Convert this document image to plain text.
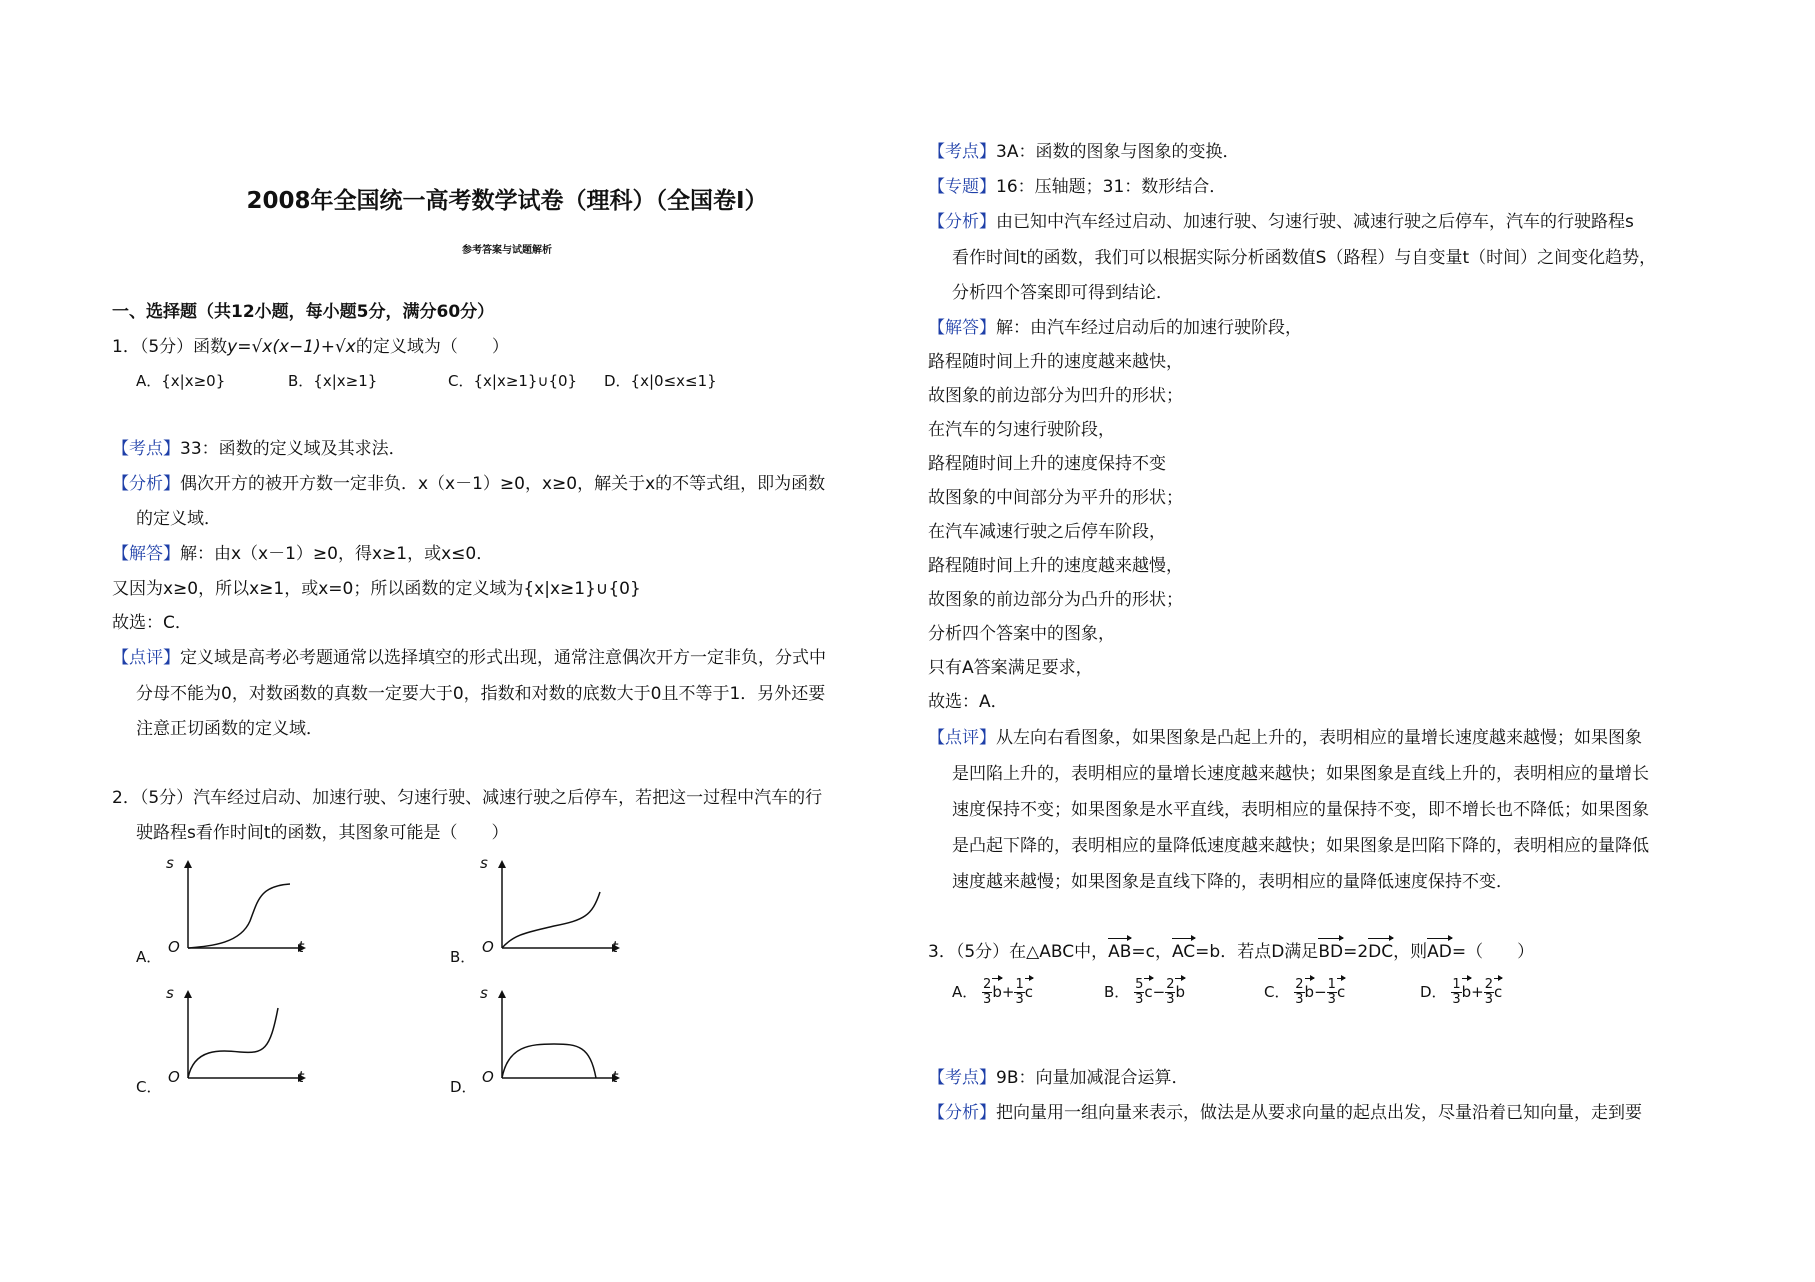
2008年全国统一高考数学试卷（理科）（全国卷I）
参考答案与试题解析
一、选择题（共12小题，每小题5分，满分60分）
1．（5分）函数y=√x(x−1)+√x的定义域为（　　）
A．{x|x≥0}	B．{x|x≥1}	C．{x|x≥1}∪{0} D．{x|0≤x≤1}
【考点】33：函数的定义域及其求法．
【分析】偶次开方的被开方数一定非负．x（x－1）≥0，x≥0，解关于x的不等式组，即为函数
的定义域．
【解答】解：由x（x－1）≥0，得x≥1，或x≤0．
又因为x≥0，所以x≥1，或x=0；所以函数的定义域为{x|x≥1}∪{0}
故选：C．
【点评】定义域是高考必考题通常以选择填空的形式出现，通常注意偶次开方一定非负，分式中
分母不能为0，对数函数的真数一定要大于0，指数和对数的底数大于0且不等于1．另外还要
注意正切函数的定义域．
2．（5分）汽车经过启动、加速行驶、匀速行驶、减速行驶之后停车，若把这一过程中汽车的行
驶路程s看作时间t的函数，其图象可能是（　　）
s
t
O
A．
s
t
O
B．
s
t
O
C．
s
t
O
D．
【考点】3A：函数的图象与图象的变换．
【专题】16：压轴题；31：数形结合．
【分析】由已知中汽车经过启动、加速行驶、匀速行驶、减速行驶之后停车，汽车的行驶路程s
看作时间t的函数，我们可以根据实际分析函数值S（路程）与自变量t（时间）之间变化趋势，
分析四个答案即可得到结论．
【解答】解：由汽车经过启动后的加速行驶阶段，
路程随时间上升的速度越来越快，
故图象的前边部分为凹升的形状；
在汽车的匀速行驶阶段，
路程随时间上升的速度保持不变
故图象的中间部分为平升的形状；
在汽车减速行驶之后停车阶段，
路程随时间上升的速度越来越慢，
故图象的前边部分为凸升的形状；
分析四个答案中的图象，
只有A答案满足要求，
故选：A．
【点评】从左向右看图象，如果图象是凸起上升的，表明相应的量增长速度越来越慢；如果图象
是凹陷上升的，表明相应的量增长速度越来越快；如果图象是直线上升的，表明相应的量增长
速度保持不变；如果图象是水平直线，表明相应的量保持不变，即不增长也不降低；如果图象
是凸起下降的，表明相应的量降低速度越来越快；如果图象是凹陷下降的，表明相应的量降低
速度越来越慢；如果图象是直线下降的，表明相应的量降低速度保持不变．
3．（5分）在△ABC中，AB=c，AC=b．若点D满足BD=2DC，则AD=（　　）
A． $\frac{2}{3} b+ \frac{1}{3}$ c	B． $\frac{5}{3} c- \frac{2}{3}$ b	C． $\frac{2}{3} b- \frac{1}{3}$ c	D． $\frac{1}{3} b+ \frac{2}{3}$ c
【考点】9B：向量加减混合运算．
【分析】把向量用一组向量来表示，做法是从要求向量的起点出发，尽量沿着已知向量，走到要
